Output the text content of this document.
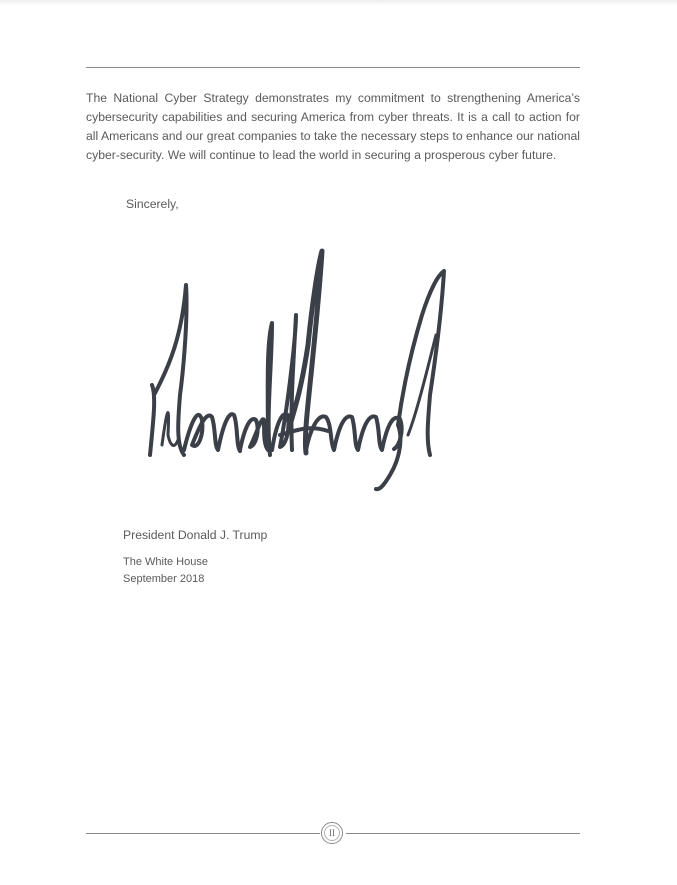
The National Cyber Strategy demonstrates my commitment to strengthening America’s cybersecurity capabilities and securing America from cyber threats. It is a call to action for all Americans and our great companies to take the necessary steps to enhance our national cyber-security. We will continue to lead the world in securing a prosperous cyber future.

Sincerely,
President Donald J. Trump
The White House
September 2018
II
